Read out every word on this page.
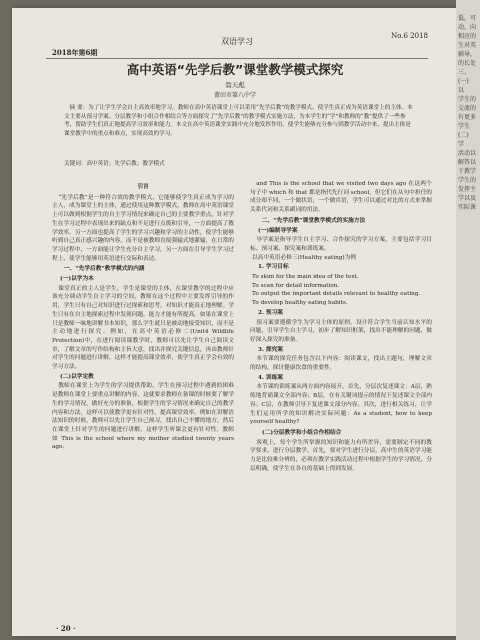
2018年第6期
双语学习
No.6 2018
高中英语“先学后教”课堂教学模式探究
翁天彪
莆田市第八中学
摘 要：为了让学生学会自主高效率地学习，教师在高中英语课堂上可以采用“先学后教”的教学模式，使学生真正成为英语课堂上的主体。本文主要从预习学案、分层教学和小组合作相结合等方面探究了“先学后教”的教学模式实施方法，为本学生的“学”和教师的“教”提供了一些参考，帮助学生们真正地提高学习效率和能力。本文在高中英语课堂实践中充分地发挥作用。使学生能够充分参与到教学活动中来，提出主体是课堂教学中的重点和难点，实现高效的学习。
关键词：高中英语；先学后教；教学模式
引言

“先学后教”是一种符合效的教学模式，它能够使学生真正成为学习的主人，成为课堂上的主体，通过使用这种教学模式，教师在高中英语课堂上可以做到根据学生的自主学习情况来确定自己的主要教学重点，针对学生在学习过程中表现出来的缺点和不足进行点拨和引导，一方面提高了教学效率，另一方面也提高了学生的学习兴趣和学习的主动性，使学生能够听到自己真正感兴趣的内容，而不是被教师直接强输式地灌输，在日常的学习过程中，一方面能让学生充分自主学习，另一方面在引导学生学习过程上、使学生能够用英语进行交际和表达。

一、“先学后教”教学模式的内涵
(一)以学为本

课堂真正的主人是学生，学生是课堂的主体，在课堂教学的过程中应该充分调动学生自主学习的空间，教师在这个过程中主要发挥引导的作用，学生只有自己对知识进行过探索和思考，对知识才能真正地理解。学生只有在自主地探索过程中发现问题，能力才能有所提高。如果在课堂上只是教师一味地讲解书本知识，那么学生就只是被动地接受知识，而不是主动地进行探究。例如，在高中英语必修二(Unit4 Wildlife Protection)中，在进行阅读课教学时，教师可以先让学生自己阅读文章，了解文章的写作结构和主旨大意，找出并探究关键信息，再由教师针对学生的问题进行讲解，这样才能提高课堂效率，使学生真正学会有效的学习方法。

(二)以学定教

教师在课堂上为学生的学习提供帮助，学生在预习过程中遇到的困难是教师在课堂上要重点讲解的内容，这就要求教师在备课的时候要了解学生的学习情况，做好充分的准备，根据学生的学习情况来确定自己的教学内容和方法，这样可以使教学更有针对性，提高课堂效率。例如在讲解语法知识的时候，教师可以先让学生自己预习，找出自己不懂的地方，然后在课堂上针对学生的问题进行讲解，这样学生听课会更有针对性。教师 如 This is the school where my mother studied twenty years ago.

and This is the school that we visited two days ago 在这两个句子中 which 和 that 都是指代先行词 school，但它们在从句中担任的成分却不同，一个做状语，一个做宾语，学生可以通过对比的方式来掌握关系代词和关系副词的用法。

二、“先学后教”课堂教学模式的实施方法
(一)编制导学案

导学案是指导学生自主学习、合作探究的学习方案，主要包括学习目标、预习案、探究案和训练案。

以高中英语必修三(Healthy eating)为例

1. 学习目标

To skim for the main idea of the text.

To scan for detail information.

To output the important details relevant to healthy eating.

To develop healthy eating habits.

2. 预习案

预习案要遵循学生为学习主体的原则，设计符合学生当前认知水平的问题，引导学生自主学习，初步了解知识框架，找出不能理解的问题，做好深入探究的准备。

3. 探究案

本节课的探究任务包含以下内容：阅读课文，找出主题句，理解文章的结构，探讨健康饮食的重要性。

4. 训练案

本节课的训练案从两方面内容展开，首先，分层次复述课文：A层，熟练地背诵课文全部内容；B层，在有关键词提示的情况下复述课文全部内容；C层，在教师引导下复述课文部分内容。其次，进行相关练习，让学生们运用所学的知识解决实际问题：As a student, how to keep yourself healthy?

(二)分层教学和小组合作相结合

客观上，每个学生所掌握的知识和能力有所差异，需要制定不同的教学要求，进行分层教学。首先，要对学生进行分层，高中生的英语学习能力是比较难分辨的，必须在教学实践活动过程中根据学生的学习情况，分层明确，使学生在各自的基础上得到发展。

· 20 ·
低，可
动，向
相应的
生对英
辅导，
的长处
三、
(一)
以
学生的
交流的
有更多
学生
(二)
学
活动以
解答以
于教学
学生的
发挥主
学以及
实际课
